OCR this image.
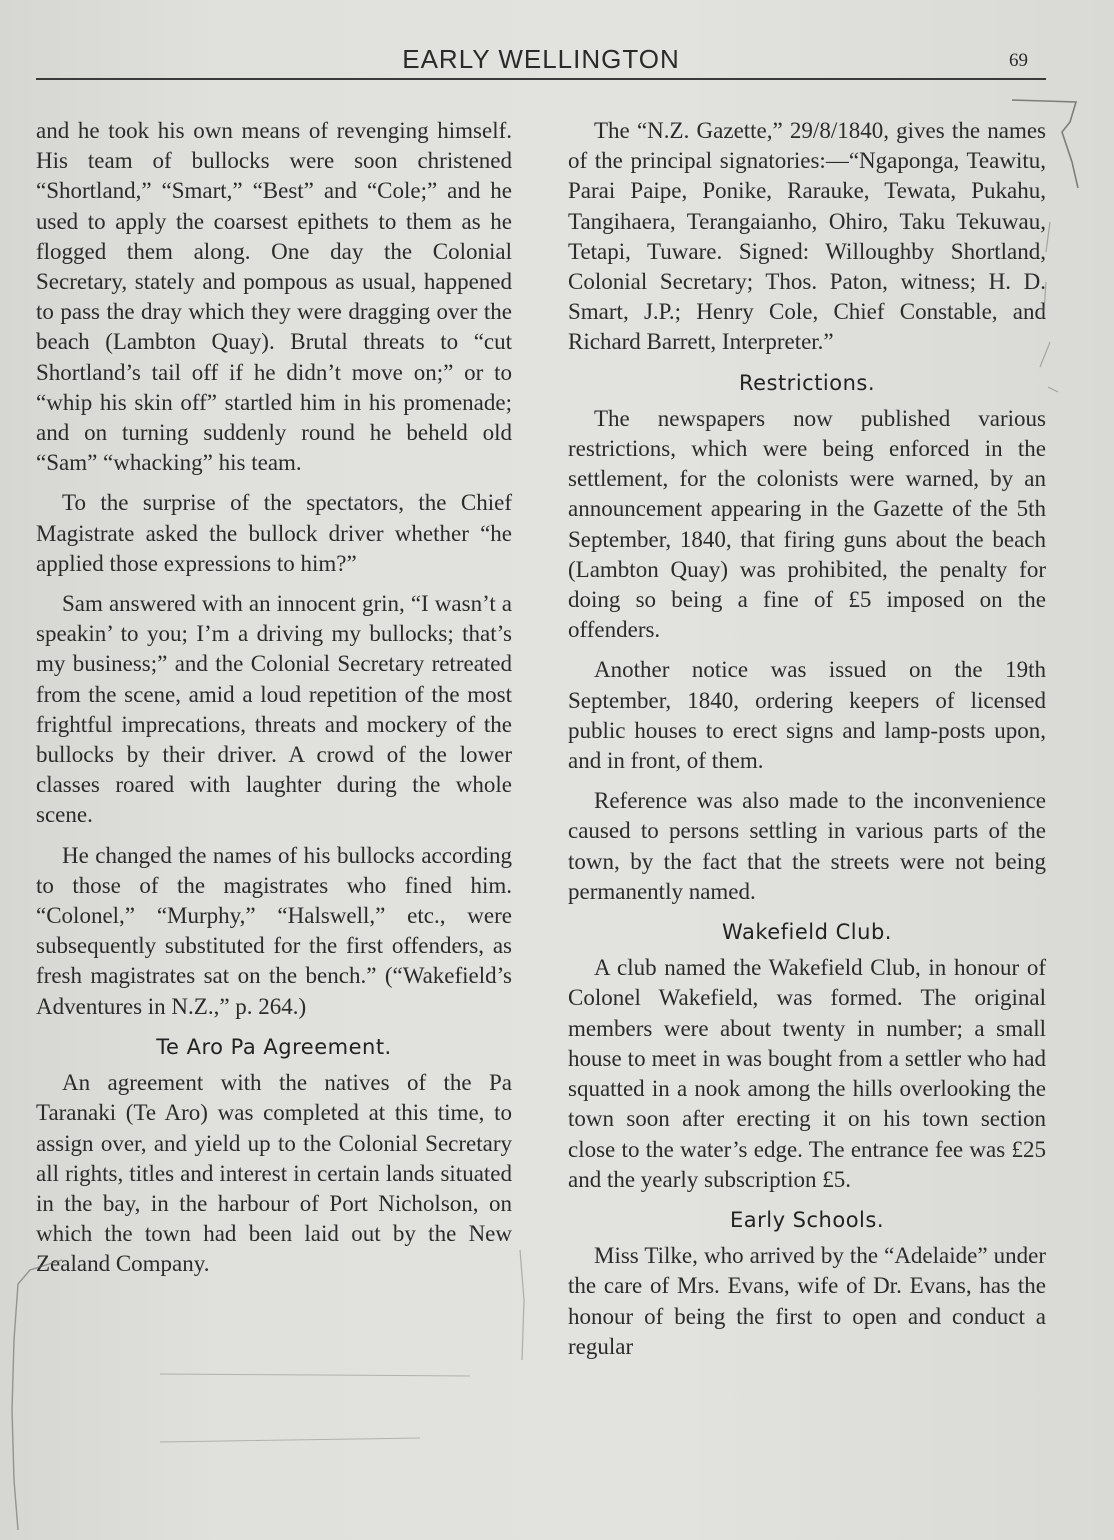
EARLY WELLINGTON	69

and he took his own means of revenging himself. His team of bullocks were soon christened “Shortland,” “Smart,” “Best” and “Cole;” and he used to apply the coarsest epithets to them as he flogged them along. One day the Colonial Secretary, stately and pompous as usual, happened to pass the dray which they were dragging over the beach (Lambton Quay). Brutal threats to “cut Shortland’s tail off if he didn’t move on;” or to “whip his skin off” startled him in his promenade; and on turning suddenly round he beheld old “Sam” “whacking” his team.

To the surprise of the spectators, the Chief Magistrate asked the bullock driver whether “he applied those expressions to him?”

Sam answered with an innocent grin, “I wasn’t a speakin’ to you; I’m a driving my bullocks; that’s my business;” and the Colonial Secretary retreated from the scene, amid a loud repetition of the most frightful imprecations, threats and mockery of the bullocks by their driver. A crowd of the lower classes roared with laughter during the whole scene.

He changed the names of his bullocks according to those of the magistrates who fined him. “Colonel,” “Murphy,” “Halswell,” etc., were subsequently substituted for the first offenders, as fresh magistrates sat on the bench.” (“Wakefield’s Adventures in N.Z.,” p. 264.)

Te Aro Pa Agreement.

An agreement with the natives of the Pa Taranaki (Te Aro) was completed at this time, to assign over, and yield up to the Colonial Secretary all rights, titles and interest in certain lands situated in the bay, in the harbour of Port Nicholson, on which the town had been laid out by the New Zealand Company.

The “N.Z. Gazette,” 29/8/1840, gives the names of the principal signatories:—“Ngaponga, Teawitu, Parai Paipe, Ponike, Rarauke, Tewata, Pukahu, Tangihaera, Terangaianho, Ohiro, Taku Tekuwau, Tetapi, Tuware. Signed: Willoughby Shortland, Colonial Secretary; Thos. Paton, witness; H. D. Smart, J.P.; Henry Cole, Chief Constable, and Richard Barrett, Interpreter.”

Restrictions.

The newspapers now published various restrictions, which were being enforced in the settlement, for the colonists were warned, by an announcement appearing in the Gazette of the 5th September, 1840, that firing guns about the beach (Lambton Quay) was prohibited, the penalty for doing so being a fine of £5 imposed on the offenders.

Another notice was issued on the 19th September, 1840, ordering keepers of licensed public houses to erect signs and lamp-posts upon, and in front, of them.

Reference was also made to the inconvenience caused to persons settling in various parts of the town, by the fact that the streets were not being permanently named.

Wakefield Club.

A club named the Wakefield Club, in honour of Colonel Wakefield, was formed. The original members were about twenty in number; a small house to meet in was bought from a settler who had squatted in a nook among the hills overlooking the town soon after erecting it on his town section close to the water’s edge. The entrance fee was £25 and the yearly subscription £5.

Early Schools.

Miss Tilke, who arrived by the “Adelaide” under the care of Mrs. Evans, wife of Dr. Evans, has the honour of being the first to open and conduct a regular
